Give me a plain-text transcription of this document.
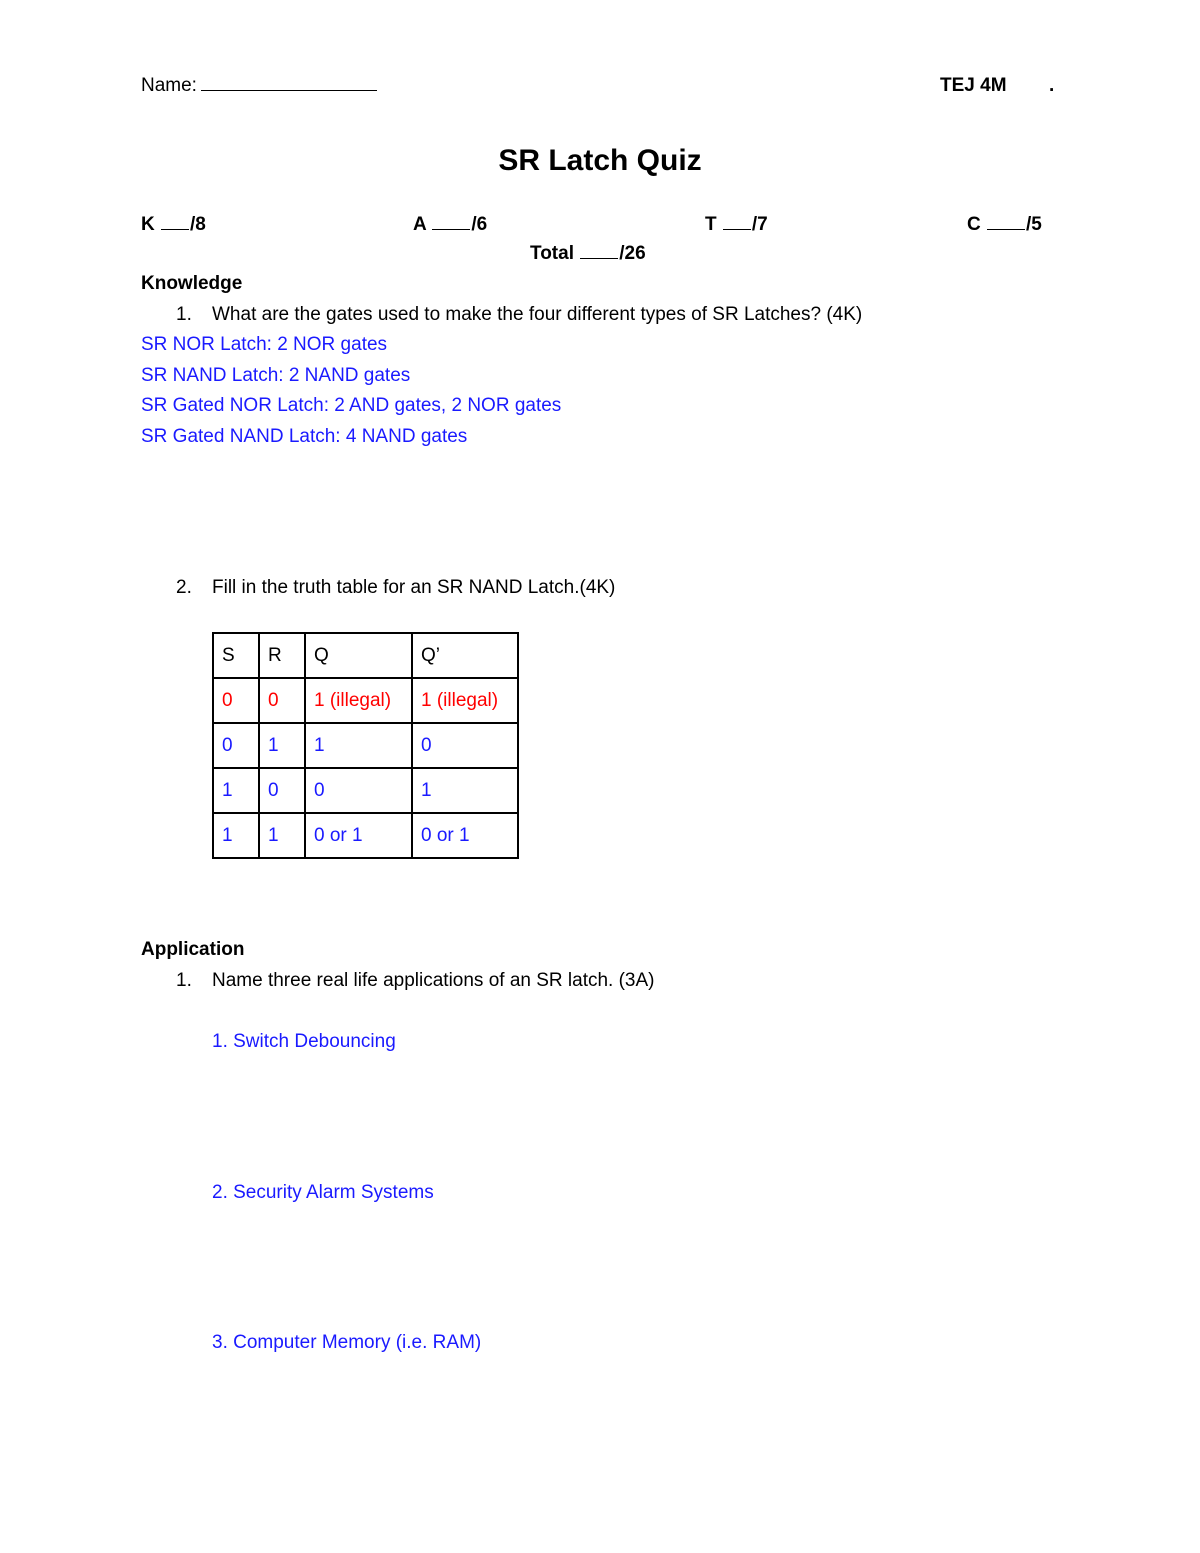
Name:	TEJ 4M .
SR Latch Quiz
K /8	A /6	T /7	C /5
Total /26
Knowledge
1. What are the gates used to make the four different types of SR Latches? (4K)
SR NOR Latch: 2 NOR gates
SR NAND Latch: 2 NAND gates
SR Gated NOR Latch: 2 AND gates, 2 NOR gates
SR Gated NAND Latch: 4 NAND gates
2. Fill in the truth table for an SR NAND Latch.(4K)
S	R	Q	Q’
0	0	1 (illegal)	1 (illegal)
0	1	1	0
1	0	0	1
1	1	0 or 1	0 or 1
Application
1. Name three real life applications of an SR latch. (3A)
1. Switch Debouncing
2. Security Alarm Systems
3. Computer Memory (i.e. RAM)
